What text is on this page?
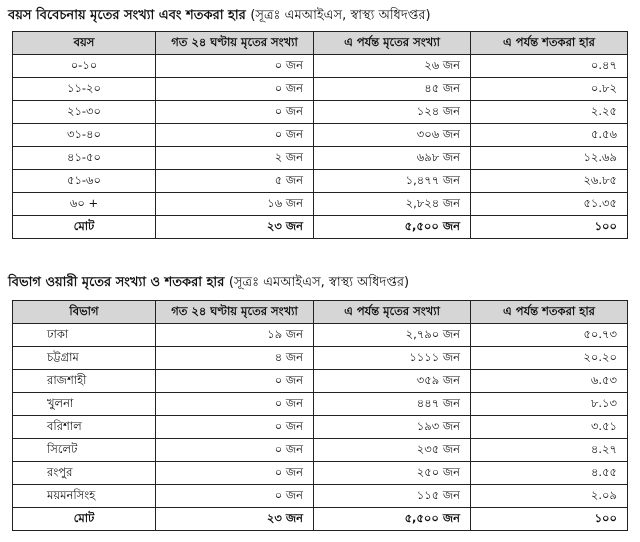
বয়স বিবেচনায় মৃতের সংখ্যা এবং শতকরা হার (সূত্রঃ এমআইএস, স্বাস্থ্য অধিদপ্তর)
বয়স	গত ২৪ ঘণ্টায় মৃতের সংখ্যা	এ পর্যন্ত মৃতের সংখ্যা	এ পর্যন্ত শতকরা হার
০-১০	০ জন	২৬ জন	০.৪৭
১১-২০	০ জন	৪৫ জন	০.৮২
২১-৩০	০ জন	১২৪ জন	২.২৫
৩১-৪০	০ জন	৩০৬ জন	৫.৫৬
৪১-৫০	২ জন	৬৯৮ জন	১২.৬৯
৫১-৬০	৫ জন	১,৪৭৭ জন	২৬.৮৫
৬০ +	১৬ জন	২,৮২৪ জন	৫১.৩৫
মোট	২৩ জন	৫,৫০০ জন	১০০
বিভাগ ওয়ারী মৃতের সংখ্যা ও শতকরা হার (সূত্রঃ এমআইএস, স্বাস্থ্য অধিদপ্তর)
বিভাগ	গত ২৪ ঘণ্টায় মৃতের সংখ্যা	এ পর্যন্ত মৃতের সংখ্যা	এ পর্যন্ত শতকরা হার
ঢাকা	১৯ জন	২,৭৯০ জন	৫০.৭৩
চট্টগ্রাম	৪ জন	১১১১ জন	২০.২০
রাজশাহী	০ জন	৩৫৯ জন	৬.৫৩
খুলনা	০ জন	৪৪৭ জন	৮.১৩
বরিশাল	০ জন	১৯৩ জন	৩.৫১
সিলেট	০ জন	২৩৫ জন	৪.২৭
রংপুর	০ জন	২৫০ জন	৪.৫৫
ময়মনসিংহ	০ জন	১১৫ জন	২.০৯
মোট	২৩ জন	৫,৫০০ জন	১০০
